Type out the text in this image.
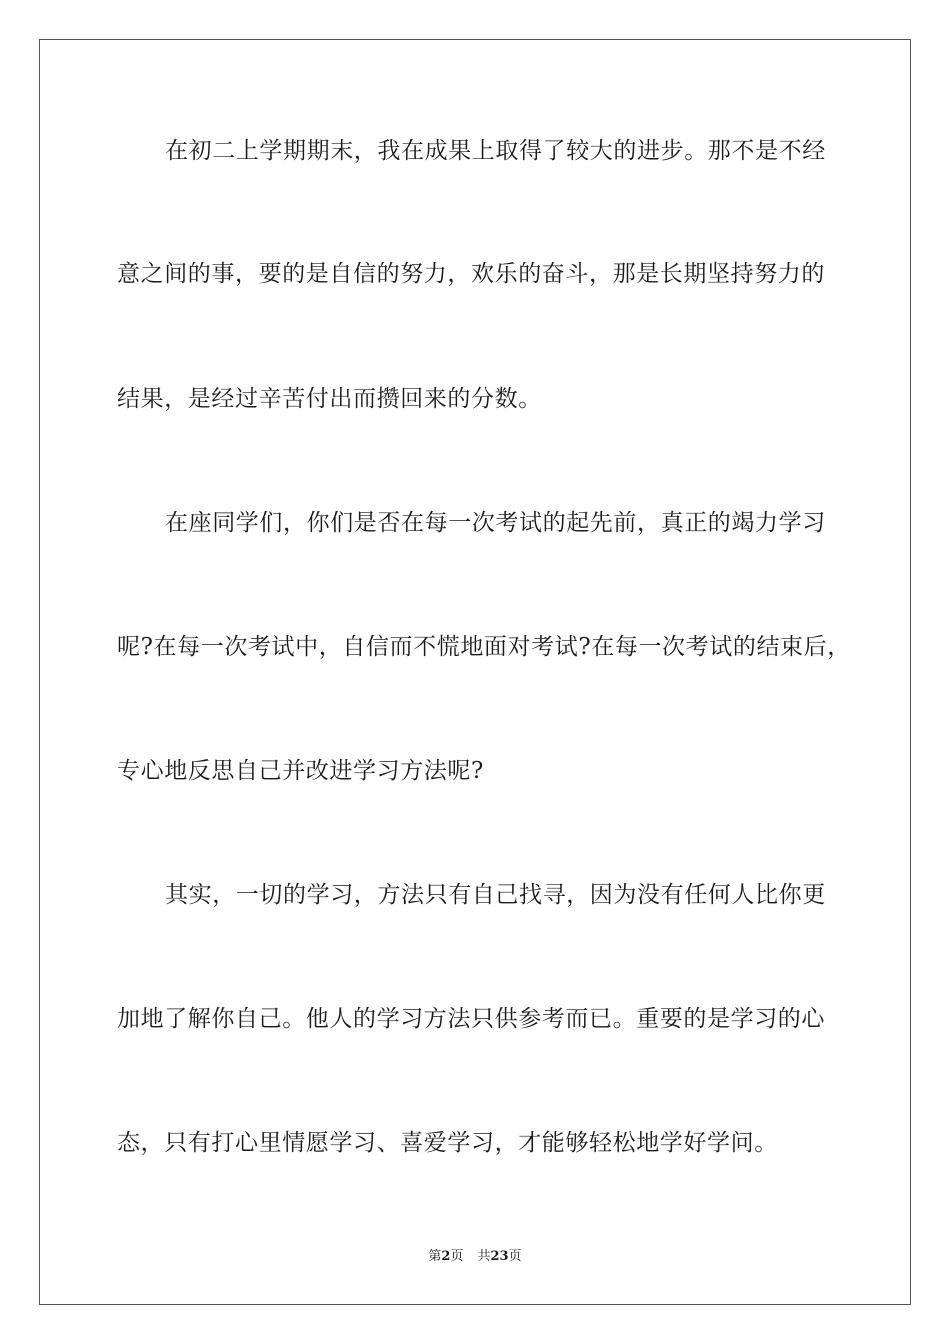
在初二上学期期末，我在成果上取得了较大的进步。那不是不经
意之间的事，要的是自信的努力，欢乐的奋斗，那是长期坚持努力的
结果，是经过辛苦付出而攒回来的分数。
在座同学们，你们是否在每一次考试的起先前，真正的竭力学习
呢?在每一次考试中，自信而不慌地面对考试?在每一次考试的结束后，
专心地反思自己并改进学习方法呢?
其实，一切的学习，方法只有自己找寻，因为没有任何人比你更
加地了解你自己。他人的学习方法只供参考而已。重要的是学习的心
态，只有打心里情愿学习、喜爱学习，才能够轻松地学好学问。
第2页 共23页
